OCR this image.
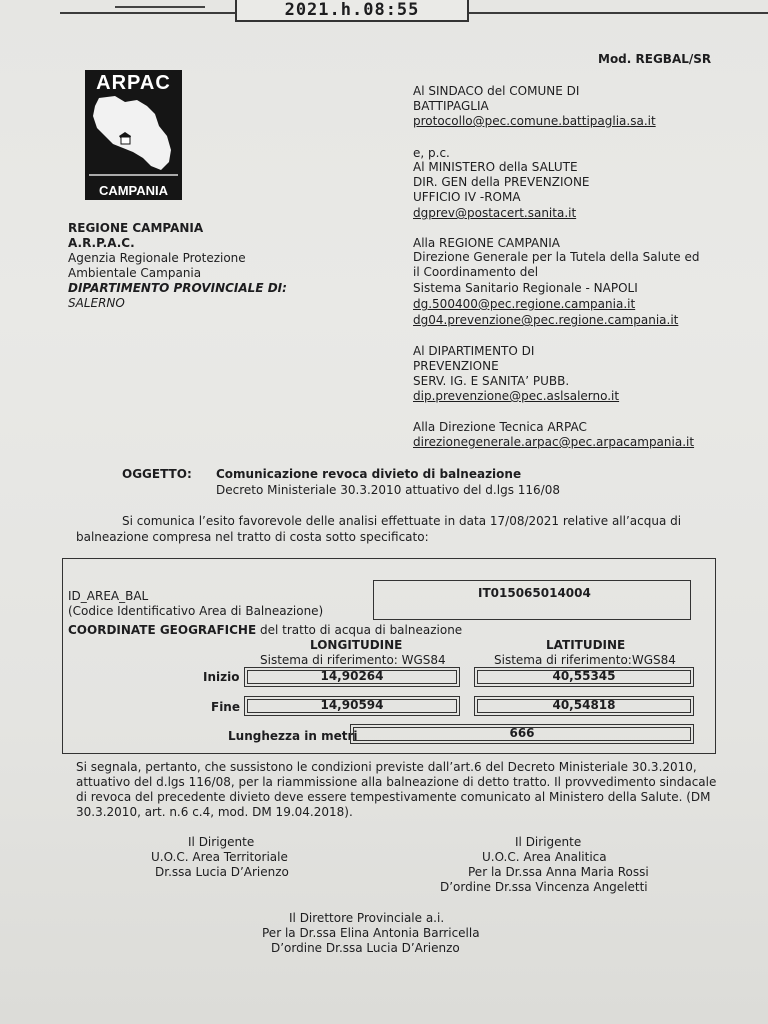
2021.h.08:55
Mod. REGBAL/SR
ARPAC
CAMPANIA
REGIONE CAMPANIA
A.R.P.A.C.
Agenzia Regionale Protezione
Ambientale Campania
DIPARTIMENTO PROVINCIALE DI:
SALERNO
Al SINDACO del COMUNE DI
BATTIPAGLIA
protocollo@pec.comune.battipaglia.sa.it
e, p.c.
Al MINISTERO della SALUTE
DIR. GEN della PREVENZIONE
UFFICIO IV -ROMA
dgprev@postacert.sanita.it
Alla REGIONE CAMPANIA
Direzione Generale per la Tutela della Salute ed
il Coordinamento del
Sistema Sanitario Regionale - NAPOLI
dg.500400@pec.regione.campania.it
dg04.prevenzione@pec.regione.campania.it
Al DIPARTIMENTO DI
PREVENZIONE
SERV. IG. E SANITA’ PUBB.
dip.prevenzione@pec.aslsalerno.it
Alla Direzione Tecnica ARPAC
direzionegenerale.arpac@pec.arpacampania.it
OGGETTO: Comunicazione revoca divieto di balneazione
Decreto Ministeriale 30.3.2010 attuativo del d.lgs 116/08
Si comunica l’esito favorevole delle analisi effettuate in data 17/08/2021 relative all’acqua di
balneazione compresa nel tratto di costa sotto specificato:
ID_AREA_BAL
(Codice Identificativo Area di Balneazione)
IT015065014004
COORDINATE GEOGRAFICHE del tratto di acqua di balneazione
LONGITUDINE
Sistema di riferimento: WGS84
LATITUDINE
Sistema di riferimento:WGS84
Inizio	14,90264	40,55345
Fine	14,90594	40,54818
Lunghezza in metri	666
Si segnala, pertanto, che sussistono le condizioni previste dall’art.6 del Decreto Ministeriale 30.3.2010,
attuativo del d.lgs 116/08, per la riammissione alla balneazione di detto tratto. Il provvedimento sindacale
di revoca del precedente divieto deve essere tempestivamente comunicato al Ministero della Salute. (DM
30.3.2010, art. n.6 c.4, mod. DM 19.04.2018).
Il Dirigente
U.O.C. Area Territoriale
Dr.ssa Lucia D’Arienzo
Il Dirigente
U.O.C. Area Analitica
Per la Dr.ssa Anna Maria Rossi
D’ordine Dr.ssa Vincenza Angeletti
Il Direttore Provinciale a.i.
Per la Dr.ssa Elina Antonia Barricella
D’ordine Dr.ssa Lucia D’Arienzo
